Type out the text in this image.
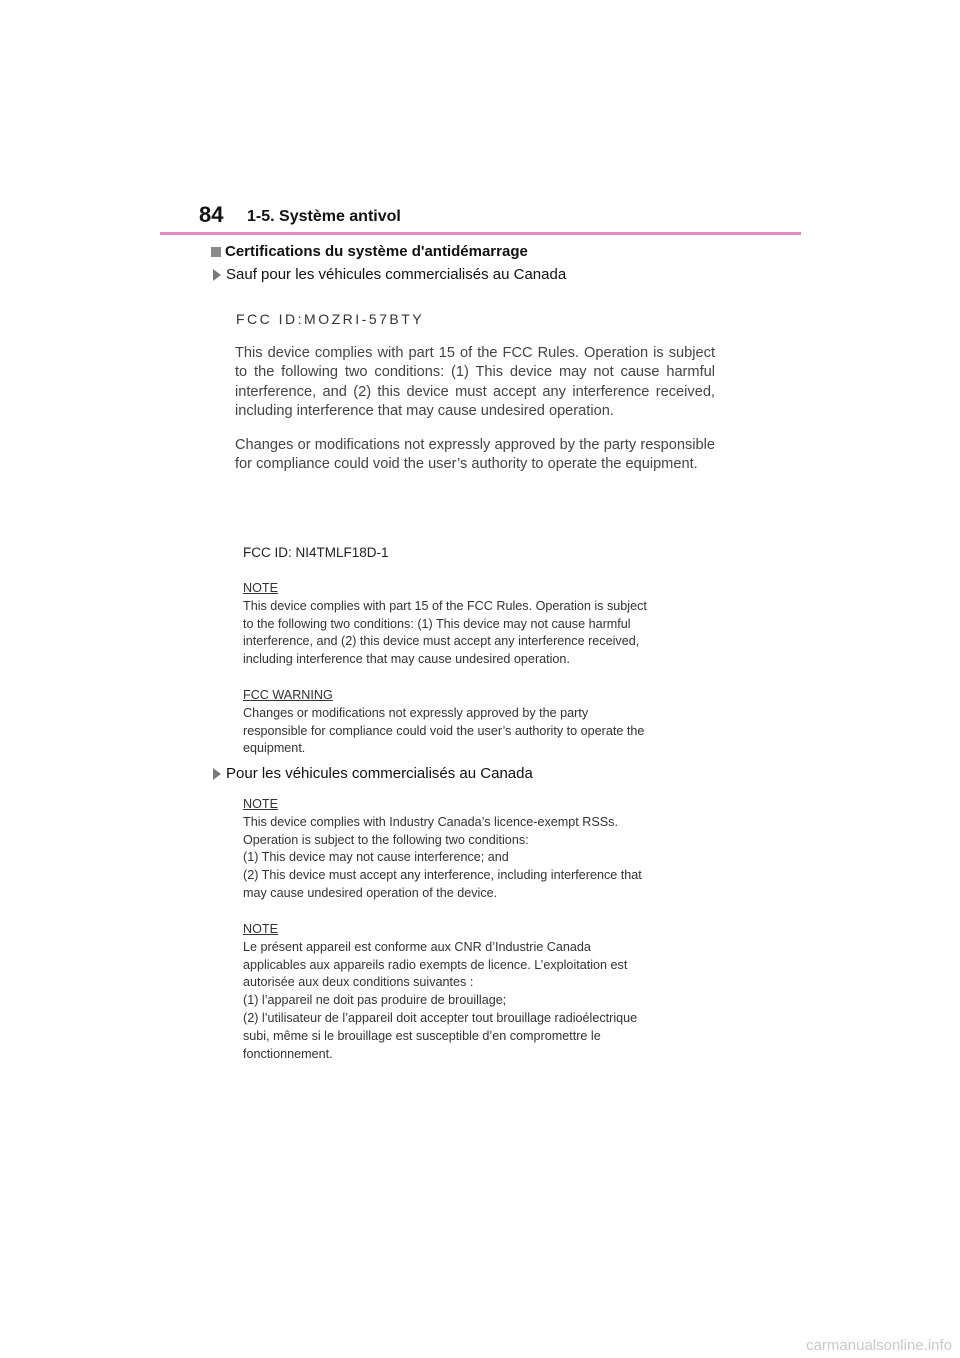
84 1-5. Système antivol
Certifications du système d'antidémarrage
Sauf pour les véhicules commercialisés au Canada
FCC ID:MOZRI-57BTY
This device complies with part 15 of the FCC Rules. Operation is subject to the following two conditions: (1) This device may not cause harmful interference, and (2) this device must accept any interference received, including interference that may cause undesired operation.
Changes or modifications not expressly approved by the party responsible for compliance could void the user’s authority to operate the equipment.
FCC ID: NI4TMLF18D-1
NOTE
This device complies with part 15 of the FCC Rules. Operation is subject
to the following two conditions: (1) This device may not cause harmful
interference, and (2) this device must accept any interference received,
including interference that may cause undesired operation.
FCC WARNING
Changes or modifications not expressly approved by the party
responsible for compliance could void the user’s authority to operate the
equipment.
Pour les véhicules commercialisés au Canada
NOTE
This device complies with Industry Canada’s licence-exempt RSSs.
Operation is subject to the following two conditions:
(1) This device may not cause interference; and
(2) This device must accept any interference, including interference that
may cause undesired operation of the device.
NOTE
Le présent appareil est conforme aux CNR d’Industrie Canada
applicables aux appareils radio exempts de licence. L’exploitation est
autorisée aux deux conditions suivantes :
(1) l’appareil ne doit pas produire de brouillage;
(2) l’utilisateur de l’appareil doit accepter tout brouillage radioélectrique
subi, même si le brouillage est susceptible d’en compromettre le
fonctionnement.
carmanualsonline.info
